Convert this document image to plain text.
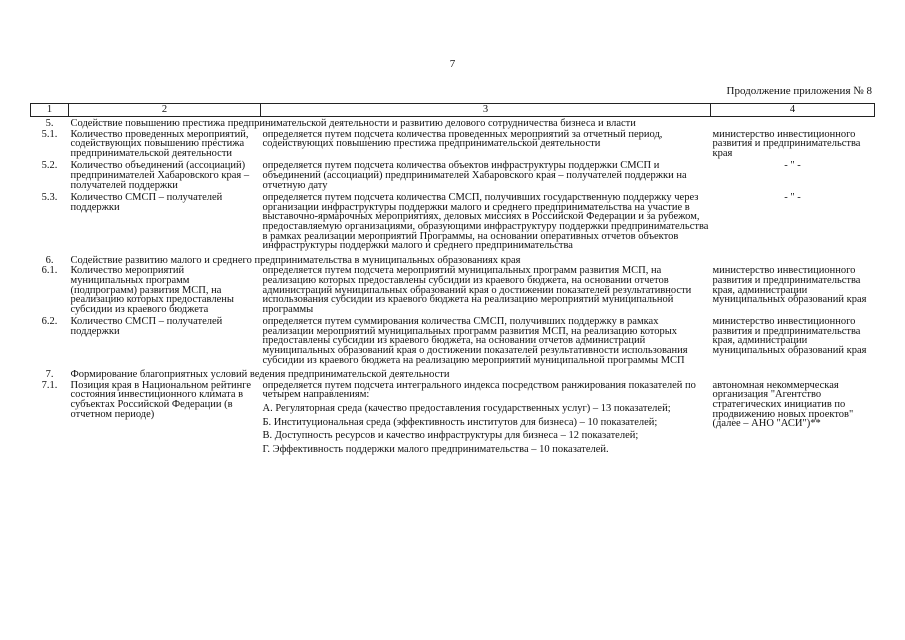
7
Продолжение приложения № 8
1	2	3	4
5.	Содействие повышению престижа предпринимательской деятельности и развитию делового сотрудничества бизнеса и власти		
5.1.	Количество проведенных мероприятий, содействующих повышению престижа предпринимательской деятельности	определяется путем подсчета количества проведенных мероприятий за отчетный период, содействующих повышению престижа предпринимательской деятельности	министерство инвестиционного развития и предпринимательства края
5.2.	Количество объединений (ассоциаций) предпринимателей Хабаровского края – получателей поддержки	определяется путем подсчета количества объектов инфраструктуры поддержки СМСП и объединений (ассоциаций) предпринимателей Хабаровского края – получателей поддержки на отчетную дату	- " -
5.3.	Количество СМСП – получателей поддержки	определяется путем подсчета количества СМСП, получивших государственную поддержку через организации инфраструктуры поддержки малого и среднего предпринимательства на участие в выставочно-ярмарочных мероприятиях, деловых миссиях в Российской Федерации и за рубежом, предоставляемую организациями, образующими инфраструктуру поддержки предпринимательства в рамках реализации мероприятий Программы, на основании оперативных отчетов объектов инфраструктуры поддержки малого и среднего предпринимательства	- " -
6.	Содействие развитию малого и среднего предпринимательства в муниципальных образованиях края		
6.1.	Количество мероприятий муниципальных программ (подпрограмм) развития МСП, на реализацию которых предоставлены субсидии из краевого бюджета	определяется путем подсчета мероприятий муниципальных программ развития МСП, на реализацию которых предоставлены субсидии из краевого бюджета, на основании отчетов администраций муниципальных образований края о достижении показателей результативности использования субсидии из краевого бюджета на реализацию мероприятий муниципальной программы	министерство инвестиционного развития и предпринимательства края, администрации муниципальных образований края
6.2.	Количество СМСП – получателей поддержки	определяется путем суммирования количества СМСП, получивших поддержку в рамках реализации мероприятий муниципальных программ развития МСП, на реализацию которых предоставлены субсидии из краевого бюджета, на основании отчетов администраций муниципальных образований края о достижении показателей результативности использования субсидии из краевого бюджета на реализацию мероприятий муниципальной программы МСП	министерство инвестиционного развития и предпринимательства края, администрации муниципальных образований края
7.	Формирование благоприятных условий ведения предпринимательской деятельности		
7.1.	Позиция края в Национальном рейтинге состояния инвестиционного климата в субъектах Российской Федерации (в отчетном периоде)	определяется путем подсчета интегрального индекса посредством ранжирования показателей по четырем направлениям:
А. Регуляторная среда (качество предоставления государственных услуг) – 13 показателей;
Б. Институциональная среда (эффективность институтов для бизнеса) – 10 показателей;
В. Доступность ресурсов и качество инфраструктуры для бизнеса – 12 показателей;
Г. Эффективность поддержки малого предпринимательства – 10 показателей.	автономная некоммерческая организация "Агентство стратегических инициатив по продвижению новых проектов" (далее – АНО "АСИ")**
